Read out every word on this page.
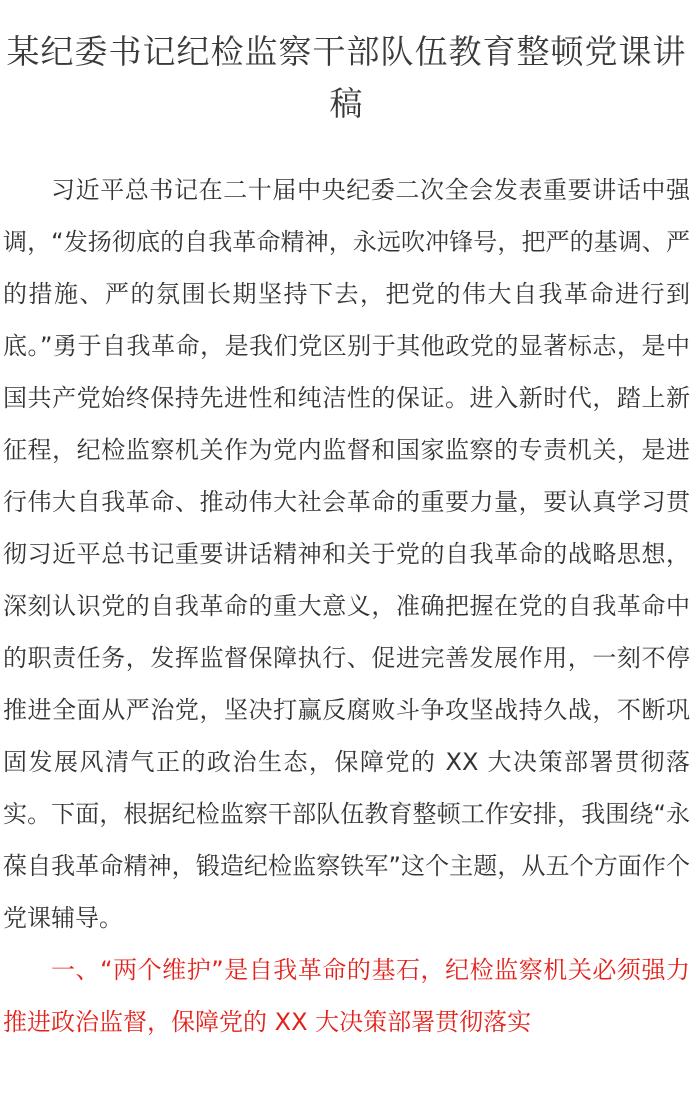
某纪委书记纪检监察干部队伍教育整顿党课讲稿

习近平总书记在二十届中央纪委二次全会发表重要讲话中强调，“发扬彻底的自我革命精神，永远吹冲锋号，把严的基调、严的措施、严的氛围长期坚持下去，把党的伟大自我革命进行到底。”勇于自我革命，是我们党区别于其他政党的显著标志，是中国共产党始终保持先进性和纯洁性的保证。进入新时代，踏上新征程，纪检监察机关作为党内监督和国家监察的专责机关，是进行伟大自我革命、推动伟大社会革命的重要力量，要认真学习贯彻习近平总书记重要讲话精神和关于党的自我革命的战略思想，深刻认识党的自我革命的重大意义，准确把握在党的自我革命中的职责任务，发挥监督保障执行、促进完善发展作用，一刻不停推进全面从严治党，坚决打赢反腐败斗争攻坚战持久战，不断巩固发展风清气正的政治生态，保障党的 XX 大决策部署贯彻落实。下面，根据纪检监察干部队伍教育整顿工作安排，我围绕“永葆自我革命精神，锻造纪检监察铁军”这个主题，从五个方面作个党课辅导。

一、“两个维护”是自我革命的基石，纪检监察机关必须强力推进政治监督，保障党的 XX 大决策部署贯彻落实
